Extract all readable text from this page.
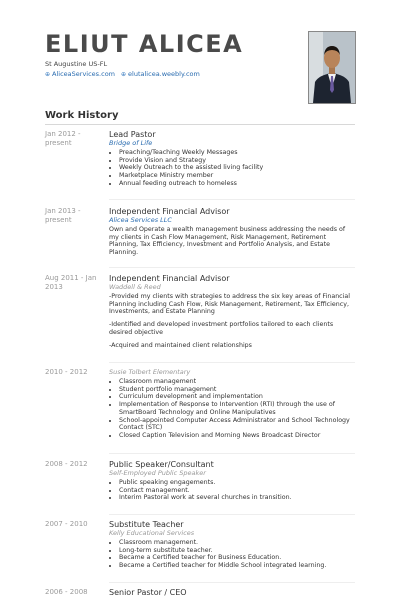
ELIUT ALICEA
St Augustine US-FL
⊕ AliceaServices.com ⊕ elutalicea.weebly.com
Work History
Jan 2012 - present
Lead Pastor
Bridge of Life
• Preaching/Teaching Weekly Messages
• Provide Vision and Strategy
• Weekly Outreach to the assisted living facility
• Marketplace Ministry member
• Annual feeding outreach to homeless
Jan 2013 - present
Independent Financial Advisor
Alicea Services LLC

Own and Operate a wealth management business addressing the needs of my clients in Cash Flow Management, Risk Management, Retirement Planning, Tax Efficiency, Investment and Portfolio Analysis, and Estate Planning.

Aug 2011 - Jan 2013
Independent Financial Advisor
Waddell & Reed

-Provided my clients with strategies to address the six key areas of Financial Planning including Cash Flow, Risk Management, Retirement, Tax Efficiency, Investments, and Estate Planning

-Identified and developed investment portfolios tailored to each clients desired objective

-Acquired and maintained client relationships

2010 - 2012	Susie Tolbert Elementary
• Classroom management
• Student portfolio management
• Curriculum development and implementation
• Implementation of Response to Intervention (RTI) through the use of SmartBoard Technology and Online Manipulatives
• School-appointed Computer Access Administrator and School Technology Contact (STC)
• Closed Caption Television and Morning News Broadcast Director
2008 - 2012	Public Speaker/Consultant
Self-Employed Public Speaker
• Public speaking engagements.
• Contact management.
• Interim Pastoral work at several churches in transition.
2007 - 2010	Substitute Teacher
Kelly Educational Services
• Classroom management.
• Long-term substitute teacher.
• Became a Certified teacher for Business Education.
• Became a Certified teacher for Middle School integrated learning.
2006 - 2008	Senior Pastor / CEO
